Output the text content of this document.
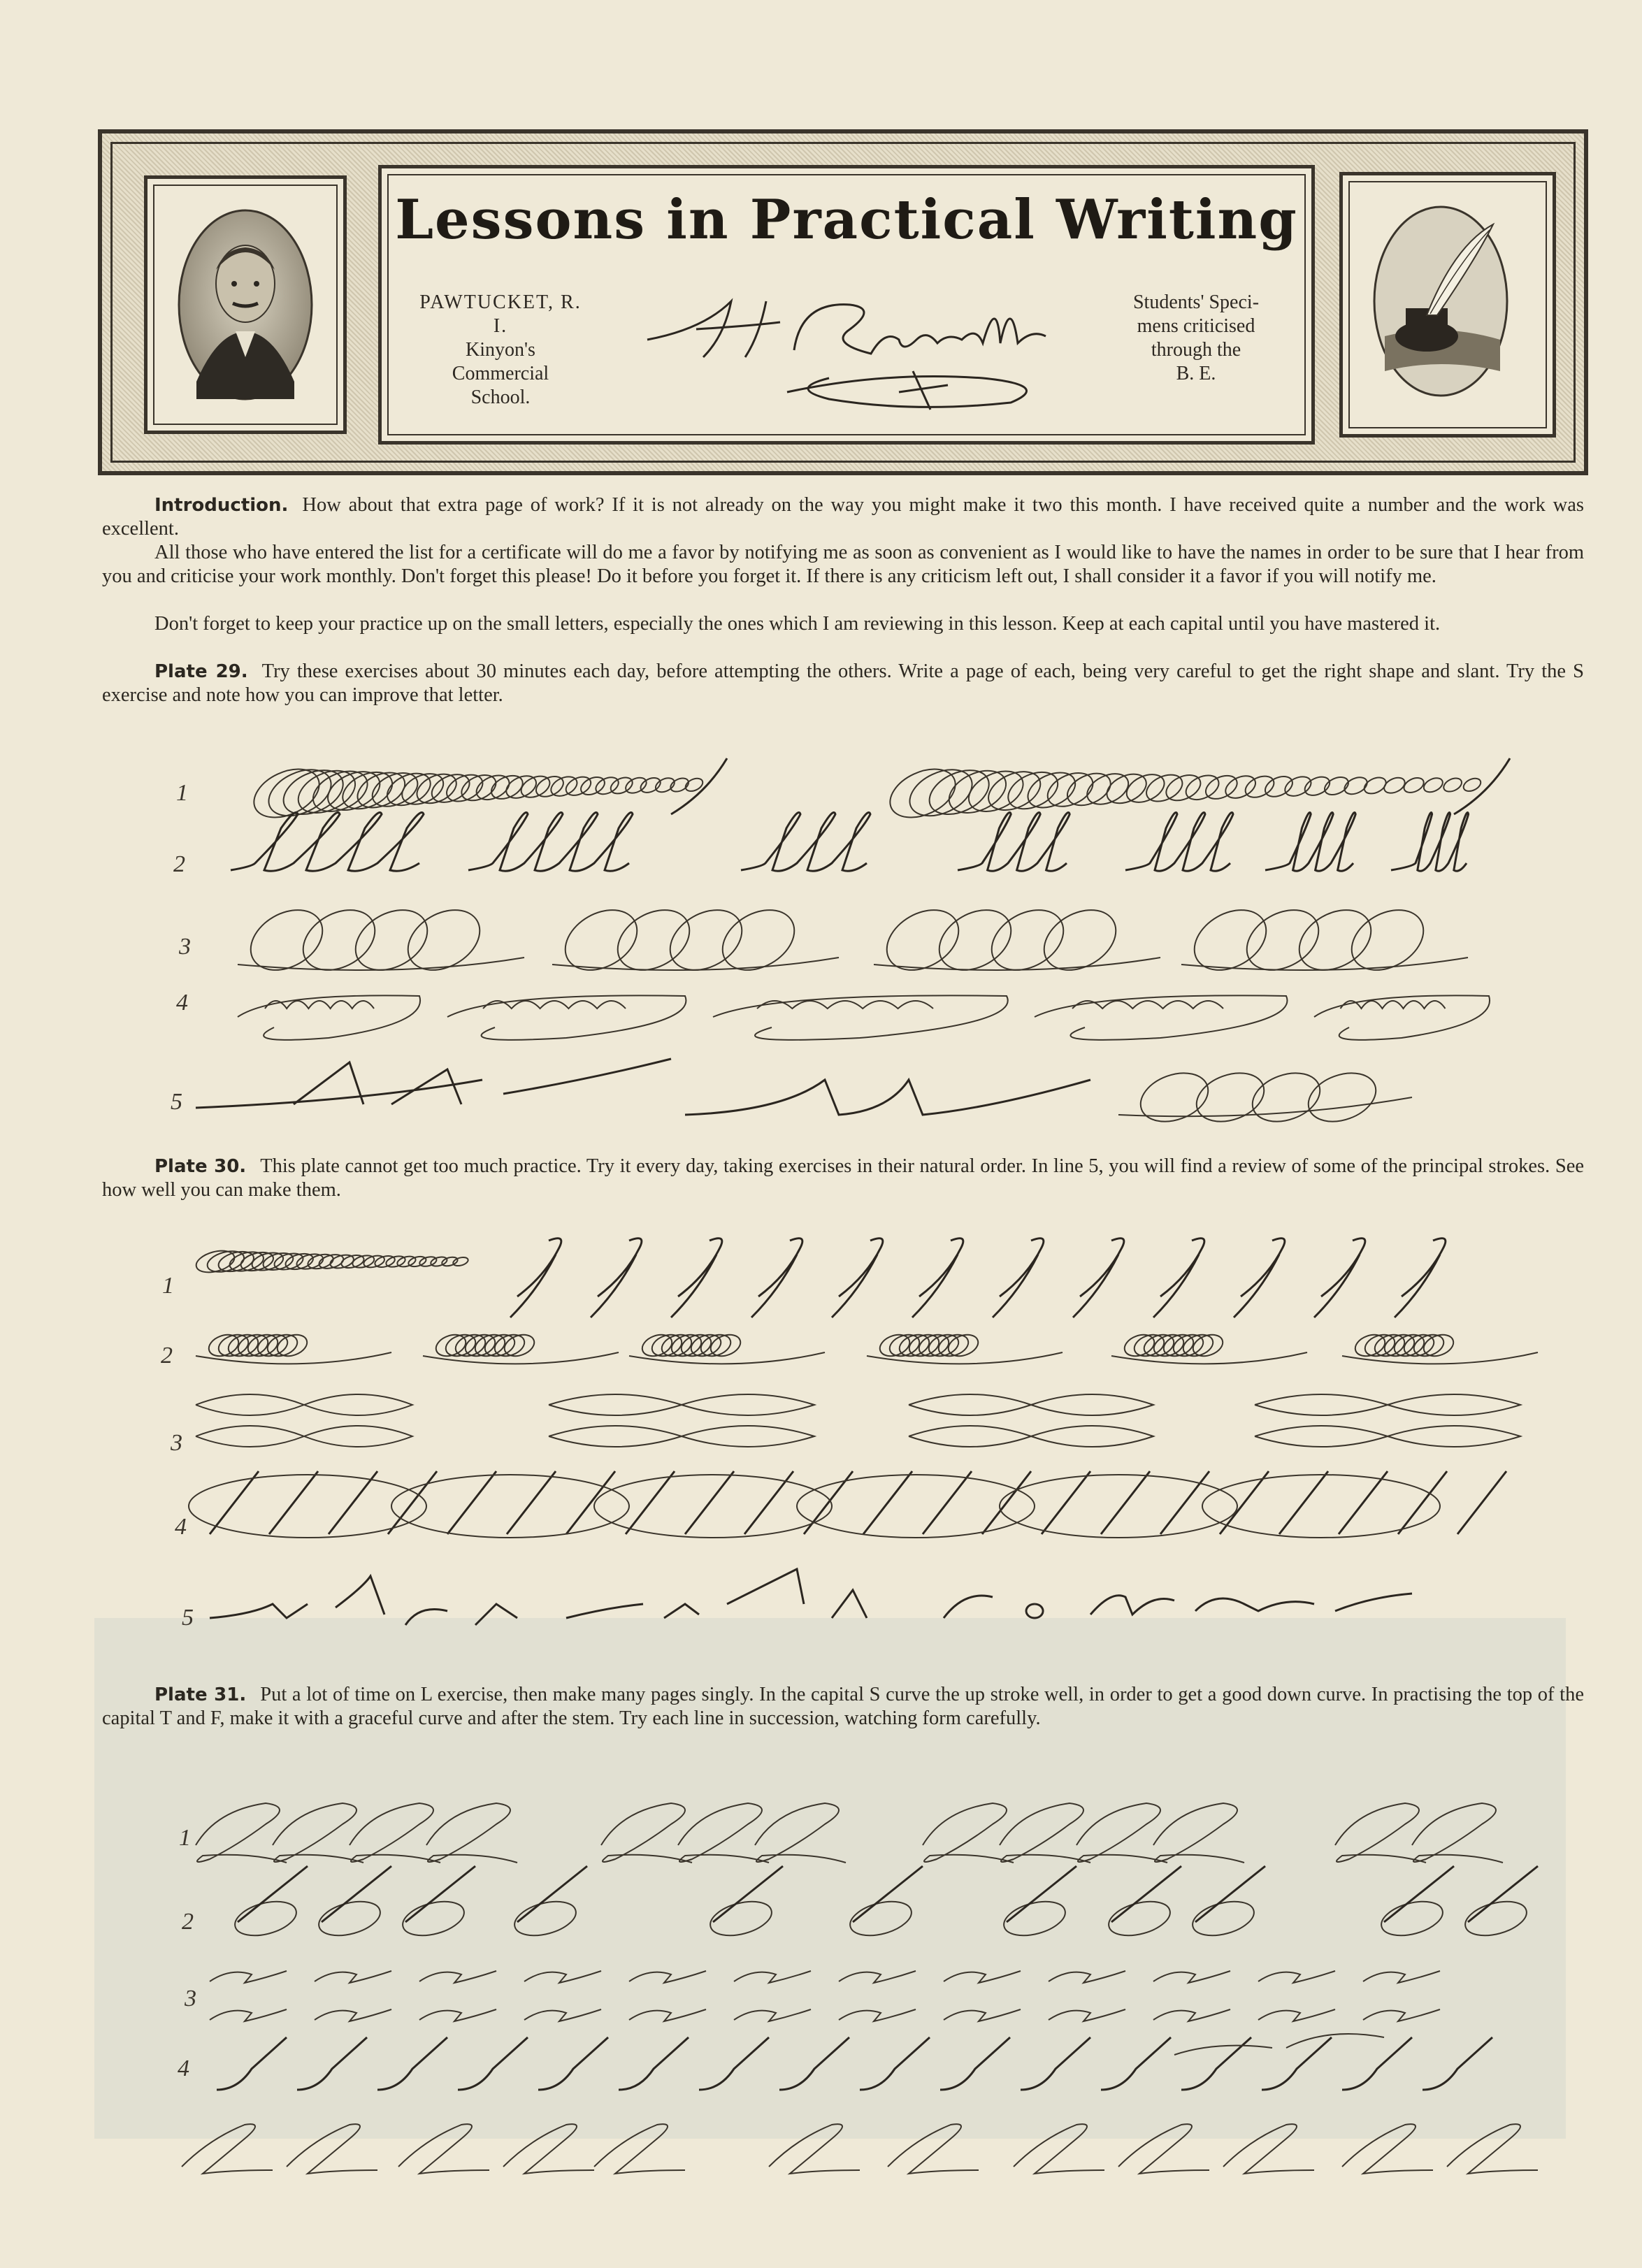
Lessons in Practical Writing
PAWTUCKET, R. I.
Kinyon's
Commercial
School.
Students' Speci-
mens criticised
through the
B. E.

Introduction. How about that extra page of work? If it is not already on the way you might make it two this month. I have received quite a number and the work was excellent.

All those who have entered the list for a certificate will do me a favor by notifying me as soon as convenient as I would like to have the names in order to be sure that I hear from you and criticise your work monthly. Don't forget this please! Do it before you forget it. If there is any criticism left out, I shall consider it a favor if you will notify me.

Don't forget to keep your practice up on the small letters, especially the ones which I am reviewing in this lesson. Keep at each capital until you have mastered it.

Plate 29. Try these exercises about 30 minutes each day, before attempting the others. Write a page of each, being very careful to get the right shape and slant. Try the S exercise and note how you can improve that letter.

1
2
3
4
5

Plate 30. This plate cannot get too much practice. Try it every day, taking exercises in their natural order. In line 5, you will find a review of some of the principal strokes. See how well you can make them.

1
2
3
4
5

Plate 31. Put a lot of time on L exercise, then make many pages singly. In the capital S curve the up stroke well, in order to get a good down curve. In practising the top of the capital T and F, make it with a graceful curve and after the stem. Try each line in succession, watching form carefully.

1
2
3
4
